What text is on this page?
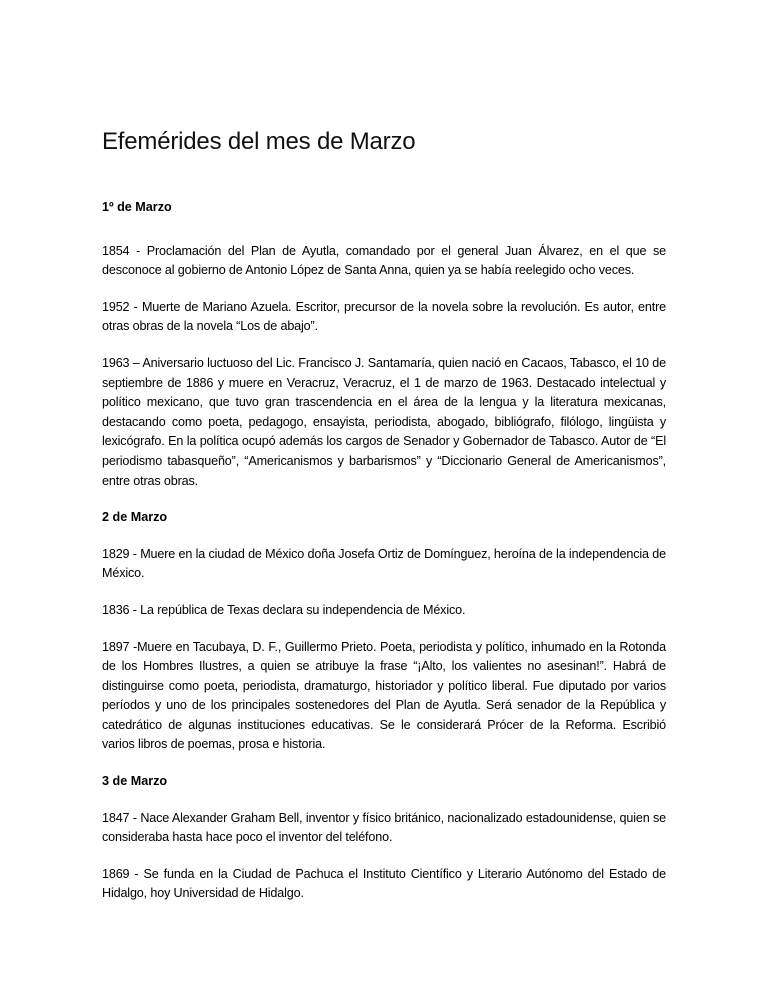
Efemérides del mes de Marzo
1º de Marzo

1854 - Proclamación del Plan de Ayutla, comandado por el general Juan Álvarez, en el que se desconoce al gobierno de Antonio López de Santa Anna, quien ya se había reelegido ocho veces.

1952 - Muerte de Mariano Azuela. Escritor, precursor de la novela sobre la revolución. Es autor, entre otras obras de la novela “Los de abajo”.

1963 – Aniversario luctuoso del Lic. Francisco J. Santamaría, quien nació en Cacaos, Tabasco, el 10 de septiembre de 1886 y muere en Veracruz, Veracruz, el 1 de marzo de 1963. Destacado intelectual y político mexicano, que tuvo gran trascendencia en el área de la lengua y la literatura mexicanas, destacando como poeta, pedagogo, ensayista, periodista, abogado, bibliógrafo, filólogo, lingüista y lexicógrafo. En la política ocupó además los cargos de Senador y Gobernador de Tabasco. Autor de “El periodismo tabasqueño”, “Americanismos y barbarismos” y “Diccionario General de Americanismos”, entre otras obras.

2 de Marzo

1829 - Muere en la ciudad de México doña Josefa Ortiz de Domínguez, heroína de la independencia de México.

1836 - La república de Texas declara su independencia de México.

1897 -Muere en Tacubaya, D. F., Guillermo Prieto. Poeta, periodista y político, inhumado en la Rotonda de los Hombres Ilustres, a quien se atribuye la frase “¡Alto, los valientes no asesinan!”. Habrá de distinguirse como poeta, periodista, dramaturgo, historiador y político liberal. Fue diputado por varios períodos y uno de los principales sostenedores del Plan de Ayutla. Será senador de la República y catedrático de algunas instituciones educativas. Se le considerará Prócer de la Reforma. Escribió varios libros de poemas, prosa e historia.

3 de Marzo

1847 - Nace Alexander Graham Bell, inventor y físico británico, nacionalizado estadounidense, quien se consideraba hasta hace poco el inventor del teléfono.

1869 - Se funda en la Ciudad de Pachuca el Instituto Científico y Literario Autónomo del Estado de Hidalgo, hoy Universidad de Hidalgo.
